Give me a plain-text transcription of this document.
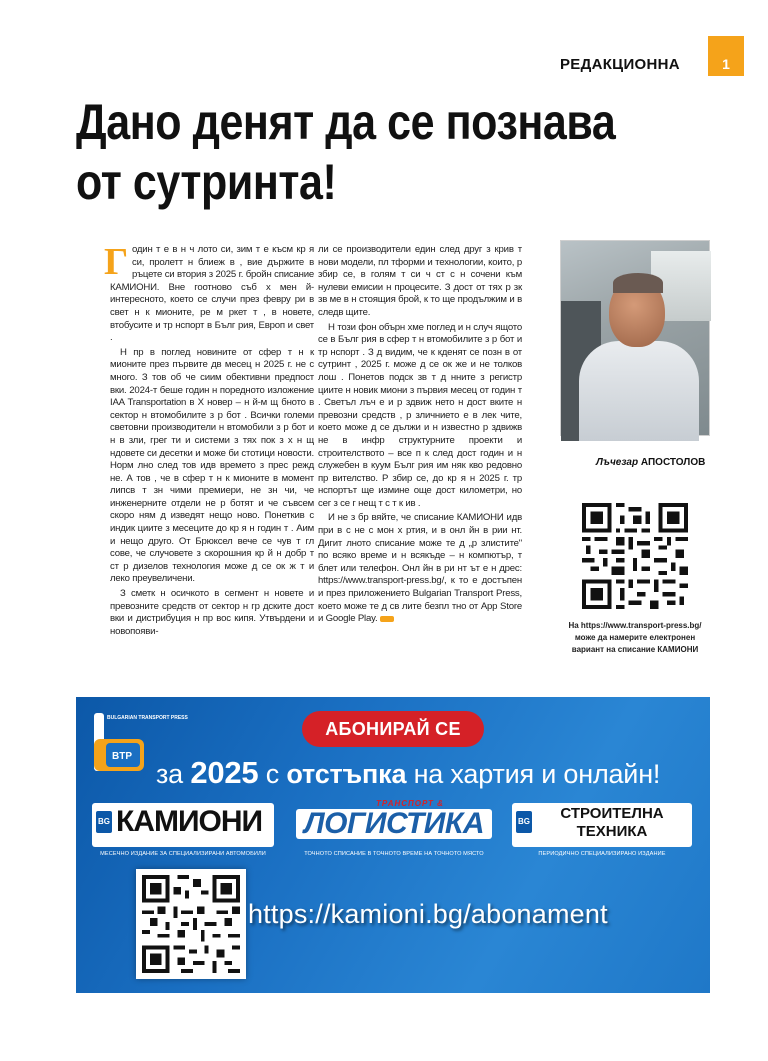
РЕДАКЦИОННА	1
Дано денят да се познава от сутринта!
Г один т е в н ч лото си, зим т е късм кр я си, пролетт н блиеж в , вие държите в ръцете си втория з 2025 г. бройн списание КАМИОНИ. Вне гоотново съб х мен й-интересното, което се случи през февру ри в свет н к мионите, ре м ркет т , в новете, втобусите и тр нспорт в Бълг рия, Европ и свет .

Н пр в поглед новините от сфер т н к мионите през първите дв месец н 2025 г. не с много. З тов об че сиим обективни предпост вки. 2024-т беше годин н поредното изложение IAA Transportation в Х новер – н й-м щ бното в сектор н втомобилите з р бот . Всички големи световни производители н втомобили з р бот и н в зли, грег ти и системи з тях пок з х н щ ндовете си десетки и може би стотици новости. Норм лно след тов идв времето з прес режд не. А тов , че в сфер т н к мионите в момент липсв т зн чими премиери, не зн чи, че инженерните отдели не р ботят и че съвсем скоро ням д изведят нещо ново. Понеткив с индик циите з месеците до кр я н годин т . Аим и нещо друго. От Брюксел вече се чув т гл сове, че случовете з скорошния кр й н добр т ст р дизелов технология може д се ок ж т и леко преувеличени.

З сметк н осичкото в сегмент н новете и превозните средств от сектор н гр дските дост вки и дистрибуция н пр вос кипя. Утвърдени и новопояви-

ли се производители един след друг з крив т нови модели, пл тформи и технологии, които, р збир се, в голям т си ч ст с н сочени към нулеви емисии н процесите. З дост от тях р зк зв ме в н стоящия брой, к то ще продължим и в следв щите.

Н този фон обърн хме поглед и н случ ящото се в Бълг рия в сфер т н втомобилите з р бот и тр нспорт . З д видим, че к кденят се позн в от сутринт , 2025 г. може д се ок же и не толков лош . Понетов подск зв т д нните з регистр циите н новик миони з първия месец от годин т . Светъл лъч е и р здвиж нето н дост вките н превозни средств , р зличнието е в лек чите, което може д се дължи и н известно р здвижв не в инфр структурните проекти и строителството – все п к след дост годин и н служебен в куум Бълг рия им няк кво редовно пр вителство. Р збир се, до кр я н 2025 г. тр нспортът ще измине още дост километри, но сег з се г нещ т с т к ив .

И не з бр вяйте, че списание КАМИОНИ идв при в с не с мон х ртия, и в онл йн в рии нт. Дигит лното списание може те д „р злистите" по всяко време и н всякъде – н компютър, т блет или телефон. Онл йн в ри нт ът е н дрес: https://www.transport-press.bg/, к то е достъпен и през приложението Bulgarian Transport Press, което може те д св лите безпл тно от App Store и Google Play.

Лъчезар АПОСТОЛОВ
На https://www.transport-press.bg/ може да намерите електронен вариант на списание КАМИОНИ
BTP
BULGARIAN TRANSPORT PRESS
АБОНИРАЙ СЕ
за 2025 с отстъпка на хартия и онлайн!
BG КАМИОНИ
МЕСЕЧНО ИЗДАНИЕ ЗА СПЕЦИАЛИЗИРАНИ АВТОМОБИЛИ
ТРАНСПОРТ &
ЛОГИСТИКА
ТОЧНОТО СПИСАНИЕ В ТОЧНОТО ВРЕМЕ НА ТОЧНОТО МЯСТО
BG	СТРОИТЕЛНА ТЕХНИКА
ПЕРИОДИЧНО СПЕЦИАЛИЗИРАНО ИЗДАНИЕ
https://kamioni.bg/abonament
